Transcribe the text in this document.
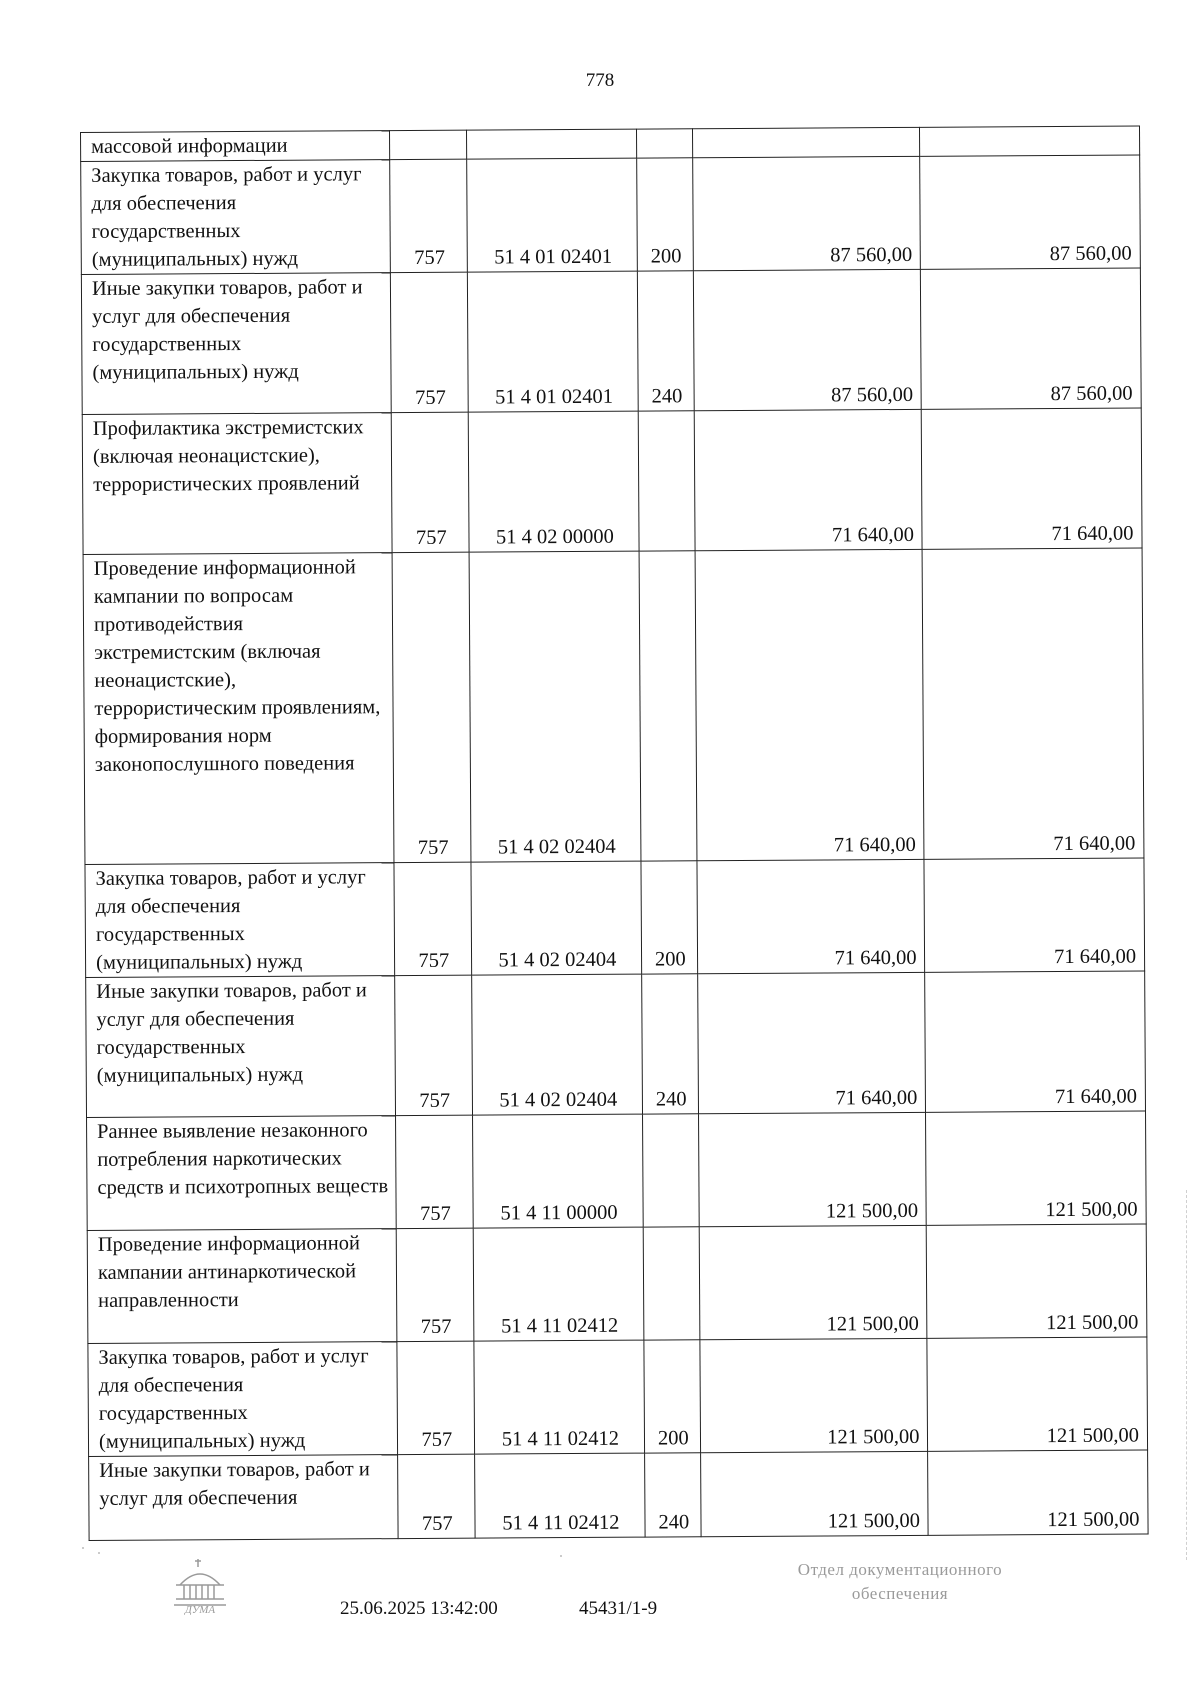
778
массовой информации					
Закупка товаров, работ и услуг для обеспечения государственных (муниципальных) нужд	757	51 4 01 02401	200	87 560,00	87 560,00
Иные закупки товаров, работ и услуг для обеспечения государственных (муниципальных) нужд	757	51 4 01 02401	240	87 560,00	87 560,00
Профилактика экстремистских (включая неонацистские), террористических проявлений	757	51 4 02 00000		71 640,00	71 640,00
Проведение информационной кампании по вопросам противодействия экстремистским (включая неонацистские), террористическим проявлениям, формирования норм законопослушного поведения	757	51 4 02 02404		71 640,00	71 640,00
Закупка товаров, работ и услуг для обеспечения государственных (муниципальных) нужд	757	51 4 02 02404	200	71 640,00	71 640,00
Иные закупки товаров, работ и услуг для обеспечения государственных (муниципальных) нужд	757	51 4 02 02404	240	71 640,00	71 640,00
Раннее выявление незаконного потребления наркотических средств и психотропных веществ	757	51 4 11 00000		121 500,00	121 500,00
Проведение информационной кампании антинаркотической направленности	757	51 4 11 02412		121 500,00	121 500,00
Закупка товаров, работ и услуг для обеспечения государственных (муниципальных) нужд	757	51 4 11 02412	200	121 500,00	121 500,00
Иные закупки товаров, работ и услуг для обеспечения	757	51 4 11 02412	240	121 500,00	121 500,00
ДУМА	25.06.2025 13:42:00	45431/1-9
Отдел документационного
обеспечения
